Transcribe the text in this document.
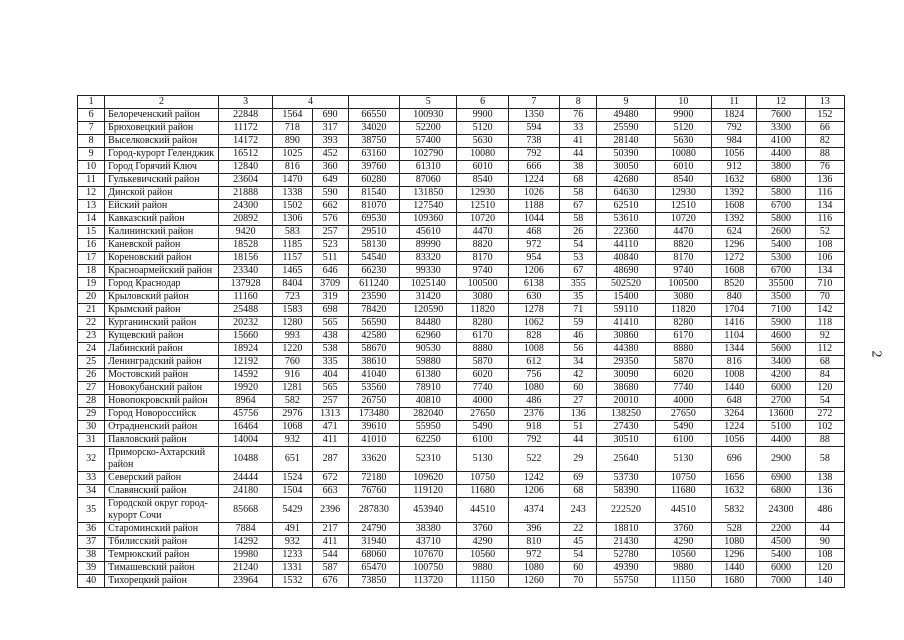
1	2	3	4			5	6	7	8	9	10	11	12	13
6	Белореченский район	22848	1564	690	66550	100930	9900	1350	76	49480	9900	1824	7600	152
7	Брюховецкий район	11172	718	317	34020	52200	5120	594	33	25590	5120	792	3300	66
8	Выселковский район	14172	890	393	38750	57400	5630	738	41	28140	5630	984	4100	82
9	Город-курорт Геленджик	16512	1025	452	63160	102790	10080	792	44	50390	10080	1056	4400	88
10	Город Горячий Ключ	12840	816	360	39760	61310	6010	666	38	30050	6010	912	3800	76
11	Гулькевичский район	23604	1470	649	60280	87060	8540	1224	68	42680	8540	1632	6800	136
12	Динской район	21888	1338	590	81540	131850	12930	1026	58	64630	12930	1392	5800	116
13	Ейский район	24300	1502	662	81070	127540	12510	1188	67	62510	12510	1608	6700	134
14	Кавказский район	20892	1306	576	69530	109360	10720	1044	58	53610	10720	1392	5800	116
15	Калининский район	9420	583	257	29510	45610	4470	468	26	22360	4470	624	2600	52
16	Каневской район	18528	1185	523	58130	89990	8820	972	54	44110	8820	1296	5400	108
17	Кореновский район	18156	1157	511	54540	83320	8170	954	53	40840	8170	1272	5300	106
18	Красноармейский район	23340	1465	646	66230	99330	9740	1206	67	48690	9740	1608	6700	134
19	Город Краснодар	137928	8404	3709	611240	1025140	100500	6138	355	502520	100500	8520	35500	710
20	Крыловский район	11160	723	319	23590	31420	3080	630	35	15400	3080	840	3500	70
21	Крымский район	25488	1583	698	78420	120590	11820	1278	71	59110	11820	1704	7100	142
22	Курганинский район	20232	1280	565	56590	84480	8280	1062	59	41410	8280	1416	5900	118
23	Кущевский район	15660	993	438	42580	62960	6170	828	46	30860	6170	1104	4600	92
24	Лабинский район	18924	1220	538	58670	90530	8880	1008	56	44380	8880	1344	5600	112
25	Ленинградский район	12192	760	335	38610	59880	5870	612	34	29350	5870	816	3400	68
26	Мостовский район	14592	916	404	41040	61380	6020	756	42	30090	6020	1008	4200	84
27	Новокубанский район	19920	1281	565	53560	78910	7740	1080	60	38680	7740	1440	6000	120
28	Новопокровский район	8964	582	257	26750	40810	4000	486	27	20010	4000	648	2700	54
29	Город Новороссийск	45756	2976	1313	173480	282040	27650	2376	136	138250	27650	3264	13600	272
30	Отрадненский район	16464	1068	471	39610	55950	5490	918	51	27430	5490	1224	5100	102
31	Павловский район	14004	932	411	41010	62250	6100	792	44	30510	6100	1056	4400	88
32	Приморско-Ахтарский район	10488	651	287	33620	52310	5130	522	29	25640	5130	696	2900	58
33	Северский район	24444	1524	672	72180	109620	10750	1242	69	53730	10750	1656	6900	138
34	Славянский район	24180	1504	663	76760	119120	11680	1206	68	58390	11680	1632	6800	136
35	Городской округ город-курорт Сочи	85668	5429	2396	287830	453940	44510	4374	243	222520	44510	5832	24300	486
36	Староминский район	7884	491	217	24790	38380	3760	396	22	18810	3760	528	2200	44
37	Тбилисский район	14292	932	411	31940	43710	4290	810	45	21430	4290	1080	4500	90
38	Темрюкский район	19980	1233	544	68060	107670	10560	972	54	52780	10560	1296	5400	108
39	Тимашевский район	21240	1331	587	65470	100750	9880	1080	60	49390	9880	1440	6000	120
40	Тихорецкий район	23964	1532	676	73850	113720	11150	1260	70	55750	11150	1680	7000	140
2
